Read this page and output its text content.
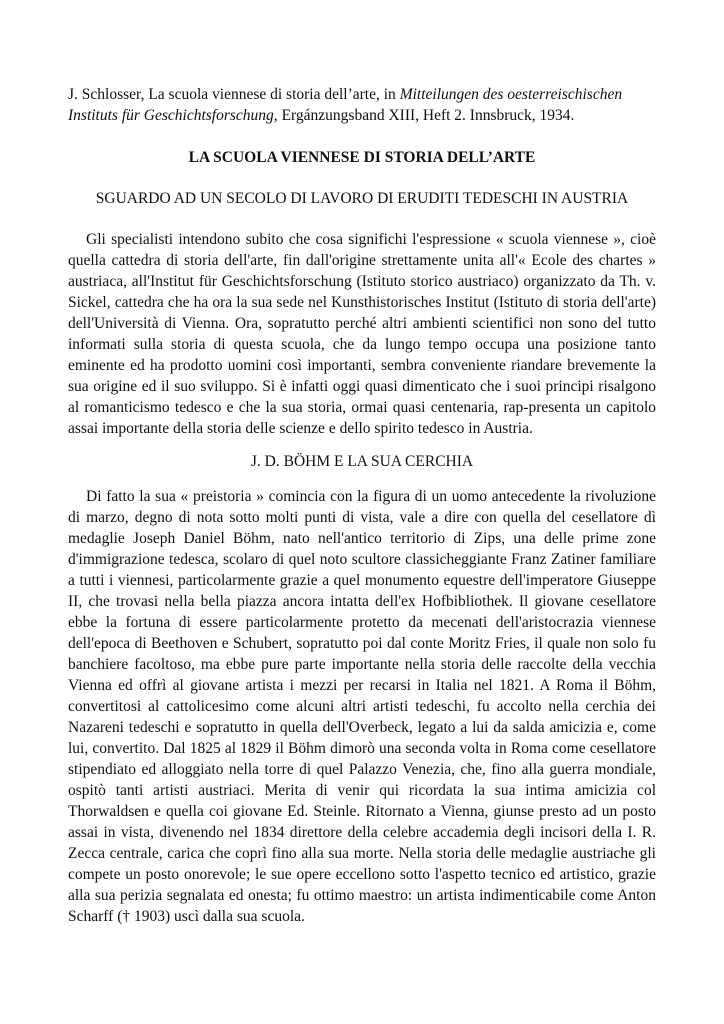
J. Schlosser, La scuola viennese di storia dell’arte, in Mitteilungen des oesterreischischen Instituts für Geschichtsforschung, Ergánzungsband XIII, Heft 2. Innsbruck, 1934.

LA SCUOLA VIENNESE DI STORIA DELL’ARTE
SGUARDO AD UN SECOLO DI LAVORO DI ERUDITI TEDESCHI IN AUSTRIA

Gli specialisti intendono subito che cosa significhi l'espressione « scuola viennese », cioè quella cattedra di storia dell'arte, fin dall'origine strettamente unita all'« Ecole des chartes » austriaca, all'Institut für Geschichtsforschung (Istituto storico austriaco) organizzato da Th. v. Sickel, cattedra che ha ora la sua sede nel Kunsthistorisches Institut (Istituto di storia dell'arte) dell'Università di Vienna. Ora, sopratutto perché altri ambienti scientifici non sono del tutto informati sulla storia di questa scuola, che da lungo tempo occupa una posizione tanto eminente ed ha prodotto uomini così importanti, sembra conveniente riandare brevemente la sua origine ed il suo sviluppo. Si è infatti oggi quasi dimenticato che i suoi principi risalgono al romanticismo tedesco e che la sua storia, ormai quasi centenaria, rap-presenta un capitolo assai importante della storia delle scienze e dello spirito tedesco in Austria.

J. D. BÖHM E LA SUA CERCHIA

Di fatto la sua « preistoria » comincia con la figura di un uomo antecedente la rivoluzione di marzo, degno di nota sotto molti punti di vista, vale a dire con quella del cesellatore dì medaglie Joseph Daniel Böhm, nato nell'antico territorio di Zips, una delle prime zone d'immigrazione tedesca, scolaro di quel noto scultore classicheggiante Franz Zatiner familiare a tutti i viennesi, particolarmente grazie a quel monumento equestre dell'imperatore Giuseppe II, che trovasi nella bella piazza ancora intatta dell'ex Hofbibliothek. Il giovane cesellatore ebbe la fortuna di essere particolarmente protetto da mecenati dell'aristocrazia viennese dell'epoca di Beethoven e Schubert, sopratutto poi dal conte Moritz Fries, il quale non solo fu banchiere facoltoso, ma ebbe pure parte importante nella storia delle raccolte della vecchia Vienna ed offrì al giovane artista i mezzi per recarsi in Italia nel 1821. A Roma il Böhm, convertitosi al cattolicesimo come alcuni altri artisti tedeschi, fu accolto nella cerchia dei Nazareni tedeschi e sopratutto in quella dell'Overbeck, legato a lui da salda amicizia e, come lui, convertito. Dal 1825 al 1829 il Böhm dimorò una seconda volta in Roma come cesellatore stipendiato ed alloggiato nella torre di quel Palazzo Venezia, che, fino alla guerra mondiale, ospitò tanti artisti austriaci. Merita di venir qui ricordata la sua intima amicizia col Thorwaldsen e quella coi giovane Ed. Steinle. Ritornato a Vienna, giunse presto ad un posto assai in vista, divenendo nel 1834 direttore della celebre accademia degli incisori della I. R. Zecca centrale, carica che coprì fino alla sua morte. Nella storia delle medaglie austriache gli compete un posto onorevole; le sue opere eccellono sotto l'aspetto tecnico ed artistico, grazie alla sua perizia segnalata ed onesta; fu ottimo maestro: un artista indimenticabile come Anton Scharff († 1903) uscì dalla sua scuola.
